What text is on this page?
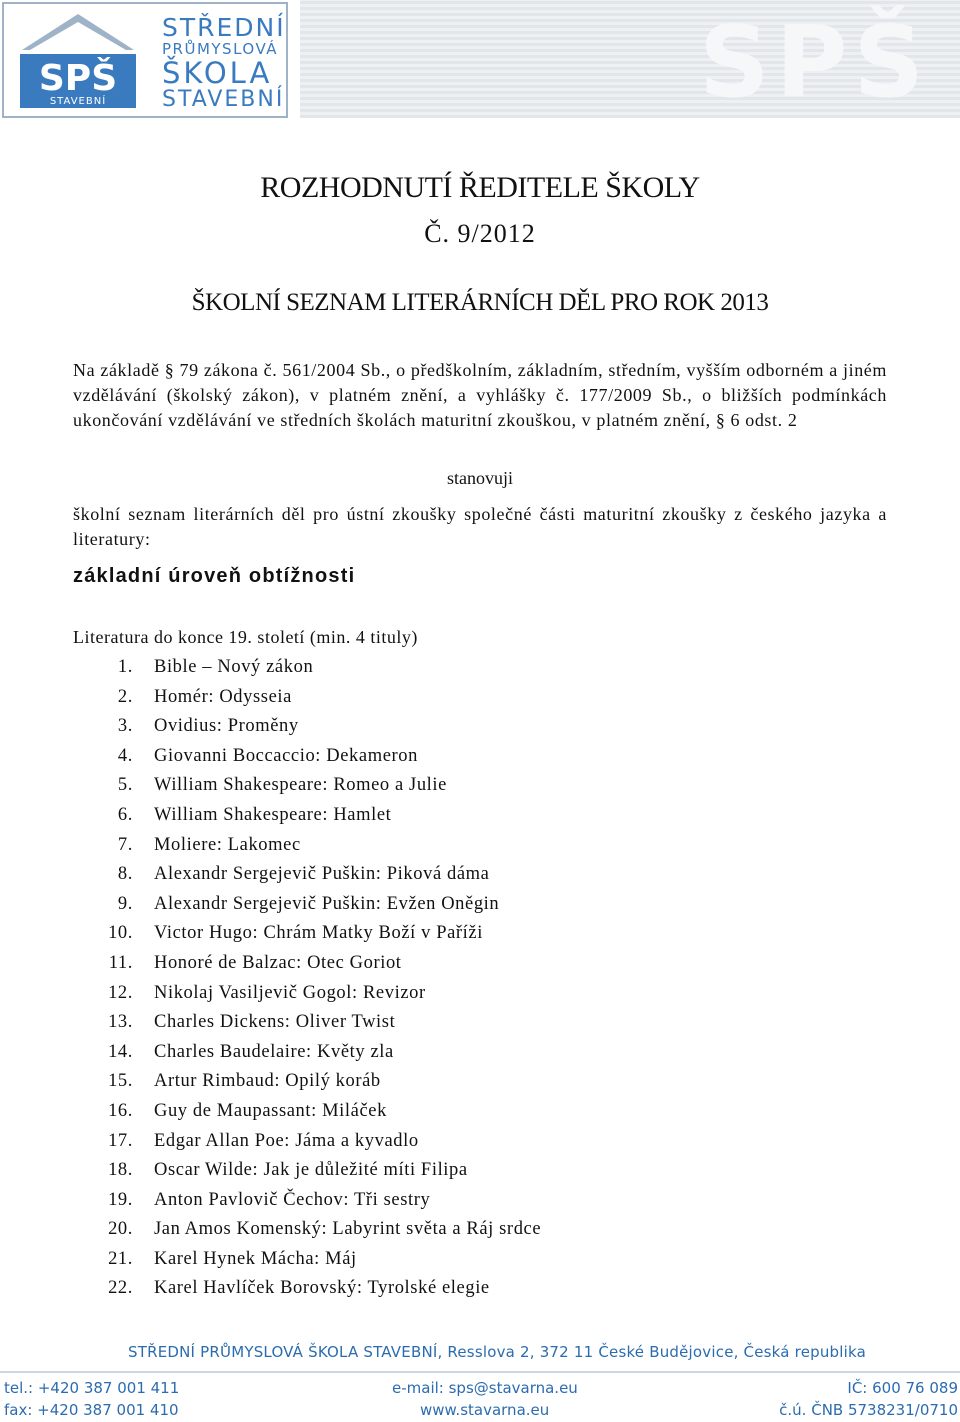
SPŠ
STAVEBNÍ
STŘEDNÍ
PRŮMYSLOVÁ
ŠKOLA
STAVEBNÍ	SPŠ
ROZHODNUTÍ ŘEDITELE ŠKOLY
Č. 9/2012
ŠKOLNÍ SEZNAM LITERÁRNÍCH DĚL PRO ROK 2013
Na základě § 79 zákona č. 561/2004 Sb., o předškolním, základním, středním, vyšším odborném a jiném vzdělávání (školský zákon), v platném znění, a vyhlášky č. 177/2009 Sb., o bližších podmínkách ukončování vzdělávání ve středních školách maturitní zkouškou, v platném znění, § 6 odst. 2
stanovuji
školní seznam literárních děl pro ústní zkoušky společné části maturitní zkoušky z českého jazyka a literatury:
základní úroveň obtížnosti
Literatura do konce 19. století (min. 4 tituly)
1. Bible – Nový zákon
2. Homér: Odysseia
3. Ovidius: Proměny
4. Giovanni Boccaccio: Dekameron
5. William Shakespeare: Romeo a Julie
6. William Shakespeare: Hamlet
7. Moliere: Lakomec
8. Alexandr Sergejevič Puškin: Piková dáma
9. Alexandr Sergejevič Puškin: Evžen Oněgin
10. Victor Hugo: Chrám Matky Boží v Paříži
11. Honoré de Balzac: Otec Goriot
12. Nikolaj Vasiljevič Gogol: Revizor
13. Charles Dickens: Oliver Twist
14. Charles Baudelaire: Květy zla
15. Artur Rimbaud: Opilý koráb
16. Guy de Maupassant: Miláček
17. Edgar Allan Poe: Jáma a kyvadlo
18. Oscar Wilde: Jak je důležité míti Filipa
19. Anton Pavlovič Čechov: Tři sestry
20. Jan Amos Komenský: Labyrint světa a Ráj srdce
21. Karel Hynek Mácha: Máj
22. Karel Havlíček Borovský: Tyrolské elegie
STŘEDNÍ PRŮMYSLOVÁ ŠKOLA STAVEBNÍ, Resslova 2, 372 11 České Budějovice, Česká republika
tel.: +420 387 001 411
fax: +420 387 001 410
e-mail: sps@stavarna.eu
www.stavarna.eu
IČ: 600 76 089
č.ú. ČNB 5738231/0710
